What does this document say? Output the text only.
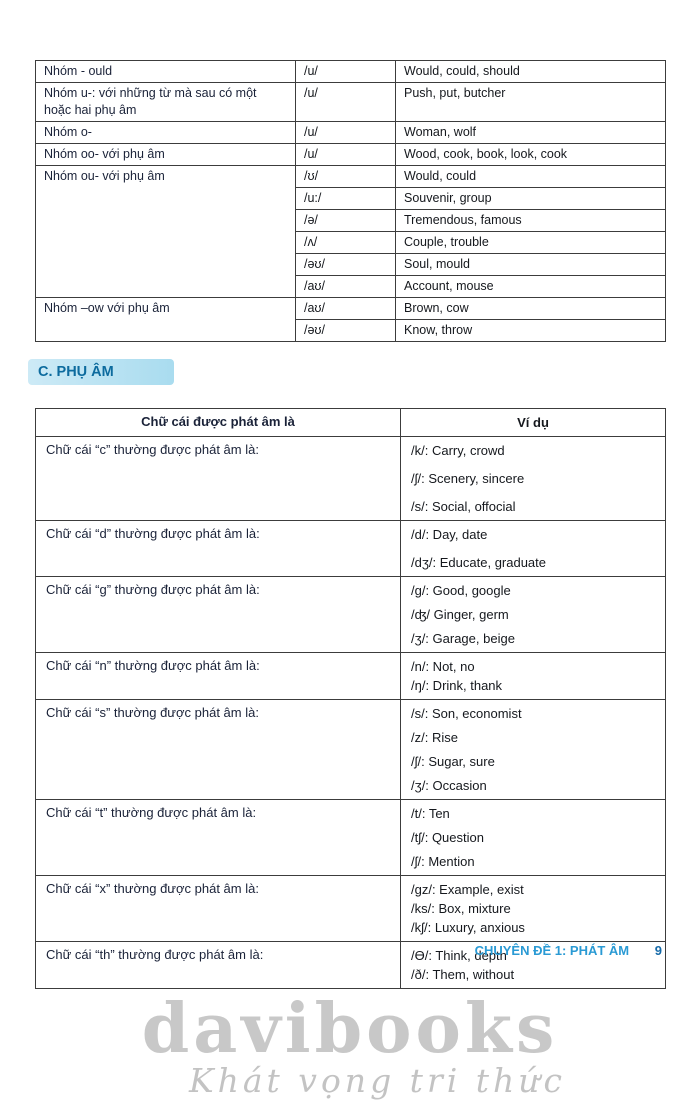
Nhóm - ould	/u/	Would, could, should
Nhóm u-: với những từ mà sau có một hoặc hai phụ âm	/u/	Push, put, butcher
Nhóm o-	/u/	Woman, wolf
Nhóm oo- với phụ âm	/u/	Wood, cook, book, look, cook
Nhóm ou- với phụ âm	/ʊ/	Would, could
	/u:/	Souvenir, group
	/ə/	Tremendous, famous
	/ʌ/	Couple, trouble
	/əʊ/	Soul, mould
	/aʊ/	Account, mouse
Nhóm –ow với phụ âm	/aʊ/	Brown, cow
	/əʊ/	Know, throw
C. PHỤ ÂM
Chữ cái được phát âm là	Ví dụ
Chữ cái “c” thường được phát âm là:	/k/: Carry, crowd
/ʃ/: Scenery, sincere
/s/: Social, offocial

Chữ cái “d” thường được phát âm là:	/d/: Day, date
/dʒ/: Educate, graduate

Chữ cái “g” thường được phát âm là:	/g/: Good, google
/ʤ/ Ginger, germ
/ʒ/: Garage, beige

Chữ cái “n” thường được phát âm là:	/n/: Not, no
/ŋ/: Drink, thank

Chữ cái “s” thường được phát âm là:	/s/: Son, economist
/z/: Rise
/ʃ/: Sugar, sure
/ʒ/: Occasion

Chữ cái “t” thường được phát âm là:	/t/: Ten
/tʃ/: Question
/ʃ/: Mention

Chữ cái “x” thường được phát âm là:	/gz/: Example, exist
/ks/: Box, mixture
/kʃ/: Luxury, anxious

Chữ cái “th” thường được phát âm là:	/Ɵ/: Think, depth
/ð/: Them, without
davibooks
Khát vọng tri thức
CHUYÊN ĐỀ 1: PHÁT ÂM 9
